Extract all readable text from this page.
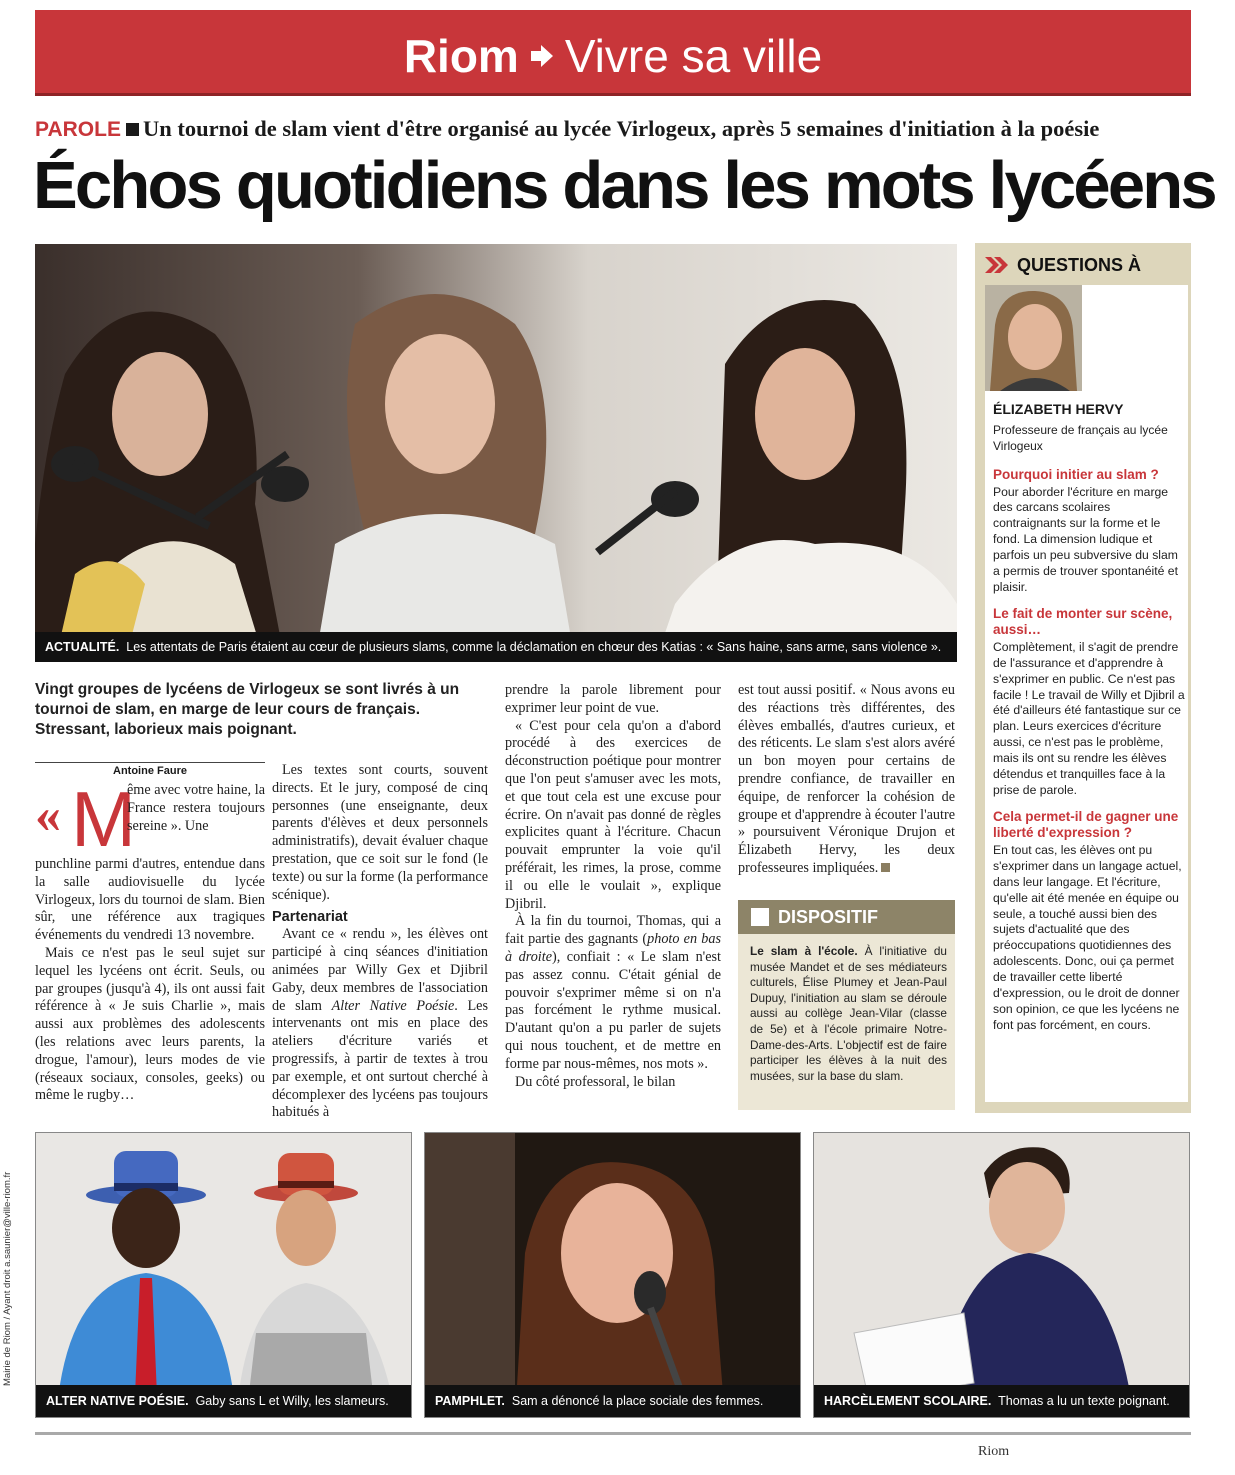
Riom Vivre sa ville
PAROLE Un tournoi de slam vient d'être organisé au lycée Virlogeux, après 5 semaines d'initiation à la poésie
Échos quotidiens dans les mots lycéens
ACTUALITÉ. Les attentats de Paris étaient au cœur de plusieurs slams, comme la déclamation en chœur des Katias : « Sans haine, sans arme, sans violence ».
Vingt groupes de lycéens de Virlogeux se sont livrés à un tournoi de slam, en marge de leur cours de français. Stressant, laborieux mais poignant.
Antoine Faure
« M
ême avec votre haine, la France restera toujours sereine ». Une

punchline parmi d'autres, entendue dans la salle audiovisuelle du lycée Virlogeux, lors du tournoi de slam. Bien sûr, une référence aux tragiques événements du vendredi 13 novembre.

Mais ce n'est pas le seul sujet sur lequel les lycéens ont écrit. Seuls, ou par groupes (jusqu'à 4), ils ont aussi fait référence à « Je suis Charlie », mais aussi aux problèmes des adolescents (les relations avec leurs parents, la drogue, l'amour), leurs modes de vie (réseaux sociaux, consoles, geeks) ou même le rugby…

Les textes sont courts, souvent directs. Et le jury, composé de cinq personnes (une enseignante, deux parents d'élèves et deux personnels administratifs), devait évaluer chaque prestation, que ce soit sur le fond (le texte) ou sur la forme (la performance scénique).

Partenariat

Avant ce « rendu », les élèves ont participé à cinq séances d'initiation animées par Willy Gex et Djibril Gaby, deux membres de l'association de slam Alter Native Poésie. Les intervenants ont mis en place des ateliers d'écriture variés et progressifs, à partir de textes à trou par exemple, et ont surtout cherché à décomplexer des lycéens pas toujours habitués à

prendre la parole librement pour exprimer leur point de vue.

« C'est pour cela qu'on a d'abord procédé à des exercices de déconstruction poétique pour montrer que l'on peut s'amuser avec les mots, et que tout cela est une excuse pour écrire. On n'avait pas donné de règles explicites quant à l'écriture. Chacun pouvait emprunter la voie qu'il préférait, les rimes, la prose, comme il ou elle le voulait », explique Djibril.

À la fin du tournoi, Thomas, qui a fait partie des gagnants (photo en bas à droite), confiait : « Le slam n'est pas assez connu. C'était génial de pouvoir s'exprimer même si on n'a pas forcément le rythme musical. D'autant qu'on a pu parler de sujets qui nous touchent, et de mettre en forme par nous-mêmes, nos mots ».

Du côté professoral, le bilan

est tout aussi positif. « Nous avons eu des réactions très différentes, des élèves emballés, d'autres curieux, et des réticents. Le slam s'est alors avéré un bon moyen pour certains de prendre confiance, de travailler en équipe, de renforcer la cohésion de groupe et d'apprendre à écouter l'autre » poursuivent Véronique Drujon et Élizabeth Hervy, les deux professeures impliquées.

DISPOSITIF
Le slam à l'école. À l'initiative du musée Mandet et de ses médiateurs culturels, Élise Plumey et Jean-Paul Dupuy, l'initiation au slam se déroule aussi au collège Jean-Vilar (classe de 5e) et à l'école primaire Notre-Dame-des-Arts. L'objectif est de faire participer les élèves à la nuit des musées, sur la base du slam.
QUESTIONS À
ÉLIZABETH HERVY
Professeure de français au lycée Virlogeux
Pourquoi initier au slam ?
Pour aborder l'écriture en marge des carcans scolaires contraignants sur la forme et le fond. La dimension ludique et parfois un peu subversive du slam a permis de trouver spontanéité et plaisir.
Le fait de monter sur scène, aussi…
Complètement, il s'agit de prendre de l'assurance et d'apprendre à s'exprimer en public. Ce n'est pas facile ! Le travail de Willy et Djibril a été d'ailleurs été fantastique sur ce plan. Leurs exercices d'écriture aussi, ce n'est pas le problème, mais ils ont su rendre les élèves détendus et tranquilles face à la prise de parole.
Cela permet-il de gagner une liberté d'expression ?
En tout cas, les élèves ont pu s'exprimer dans un langage actuel, dans leur langage. Et l'écriture, qu'elle ait été menée en équipe ou seule, a touché aussi bien des sujets d'actualité que des préoccupations quotidiennes des adolescents. Donc, oui ça permet de travailler cette liberté d'expression, ou le droit de donner son opinion, ce que les lycéens ne font pas forcément, en cours.
ALTER NATIVE POÉSIE. Gaby sans L et Willy, les slameurs.	PAMPHLET. Sam a dénoncé la place sociale des femmes.	HARCÈLEMENT SCOLAIRE. Thomas a lu un texte poignant.
Mairie de Riom / Ayant droit a.saunier@ville-riom.fr
Riom
